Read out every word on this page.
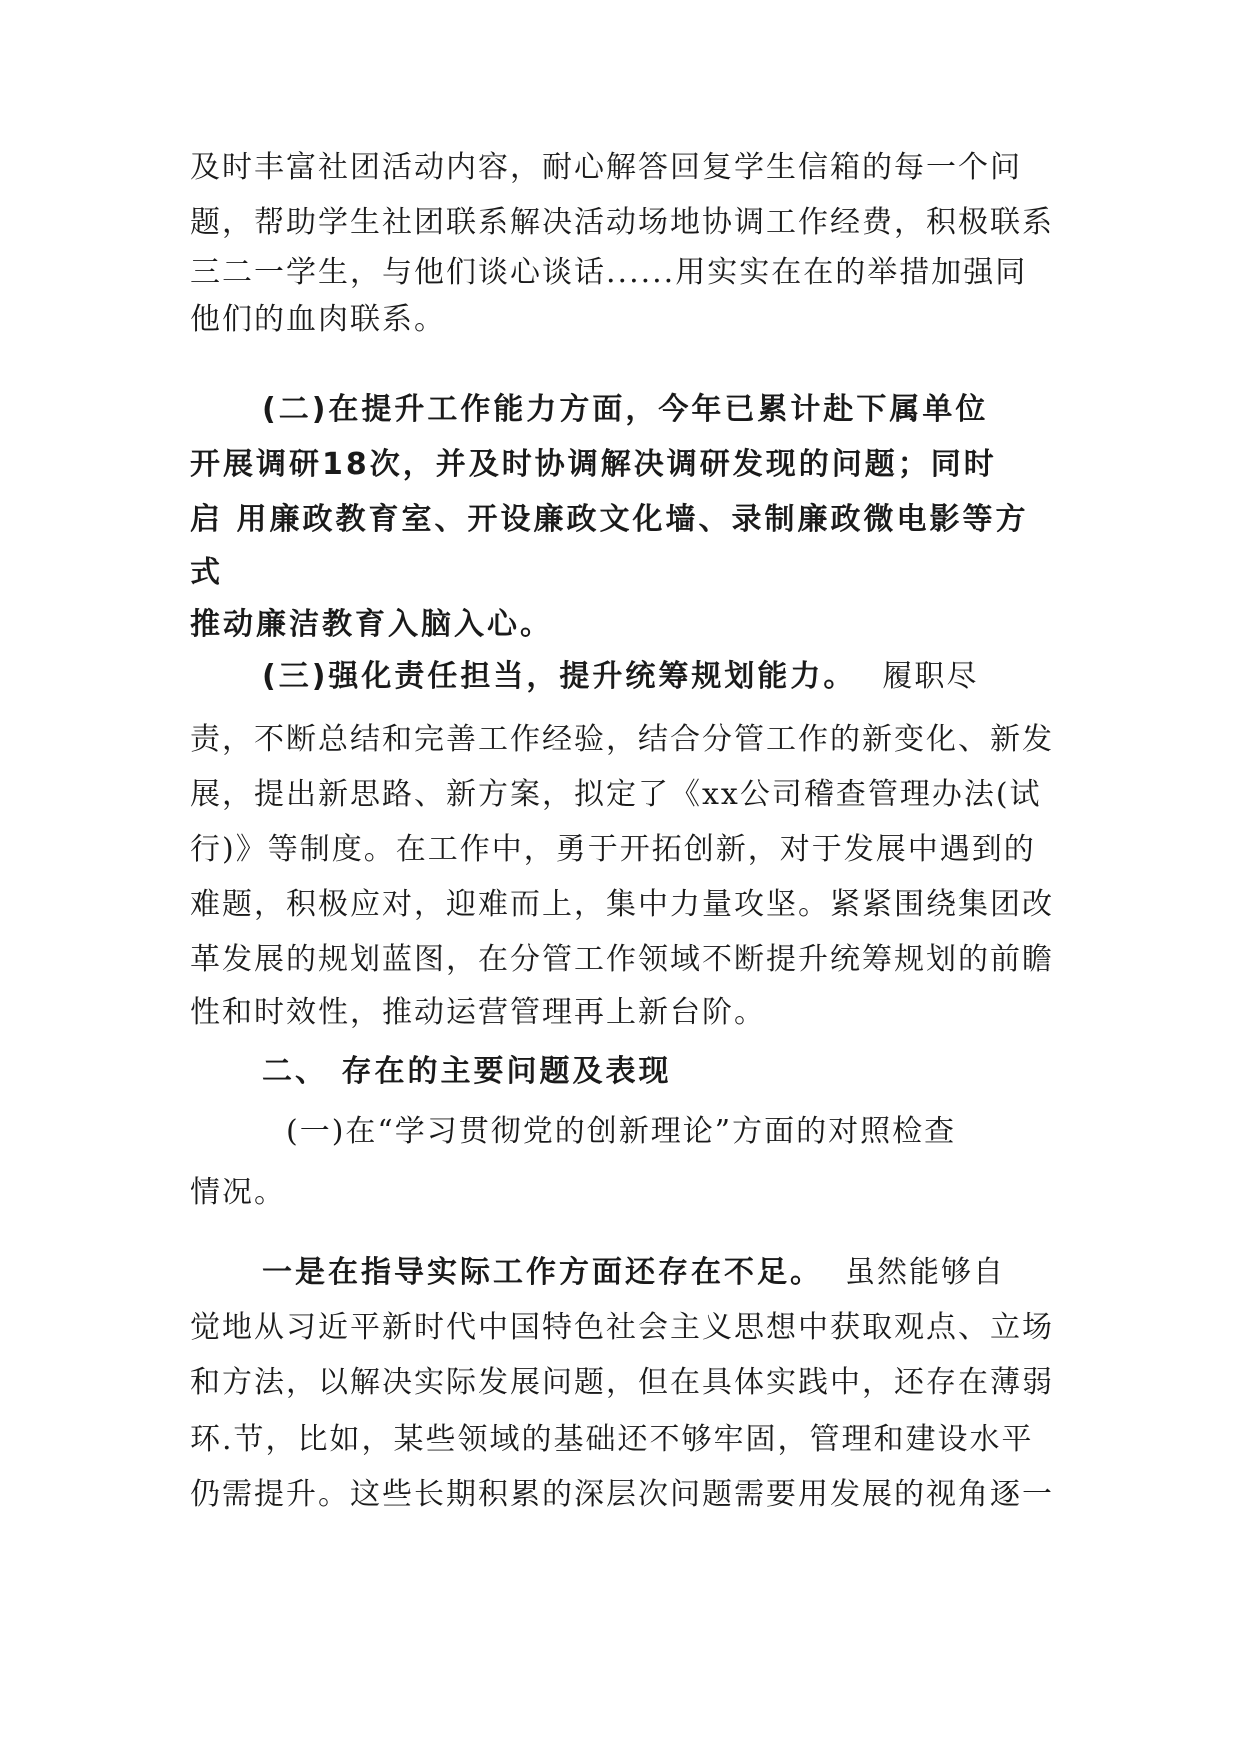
及时丰富社团活动内容，耐心解答回复学生信箱的每一个问
题，帮助学生社团联系解决活动场地协调工作经费，积极联系
三二一学生，与他们谈心谈话......用实实在在的举措加强同
他们的血肉联系。
(二)在提升工作能力方面，今年已累计赴下属单位
开展调研18次，并及时协调解决调研发现的问题；同时
启 用廉政教育室、开设廉政文化墙、录制廉政微电影等方
式
推动廉洁教育入脑入心。
(三)强化责任担当，提升统筹规划能力。 履职尽
责，不断总结和完善工作经验，结合分管工作的新变化、新发
展，提出新思路、新方案，拟定了《xx公司稽查管理办法(试
行)》等制度。在工作中，勇于开拓创新，对于发展中遇到的
难题，积极应对，迎难而上，集中力量攻坚。紧紧围绕集团改
革发展的规划蓝图，在分管工作领域不断提升统筹规划的前瞻
性和时效性，推动运营管理再上新台阶。
二、 存在的主要问题及表现
(一)在“学习贯彻党的创新理论”方面的对照检查
情况。
一是在指导实际工作方面还存在不足。 虽然能够自
觉地从习近平新时代中国特色社会主义思想中获取观点、立场
和方法，以解决实际发展问题，但在具体实践中，还存在薄弱
环.节，比如，某些领域的基础还不够牢固，管理和建设水平
仍需提升。这些长期积累的深层次问题需要用发展的视角逐一
